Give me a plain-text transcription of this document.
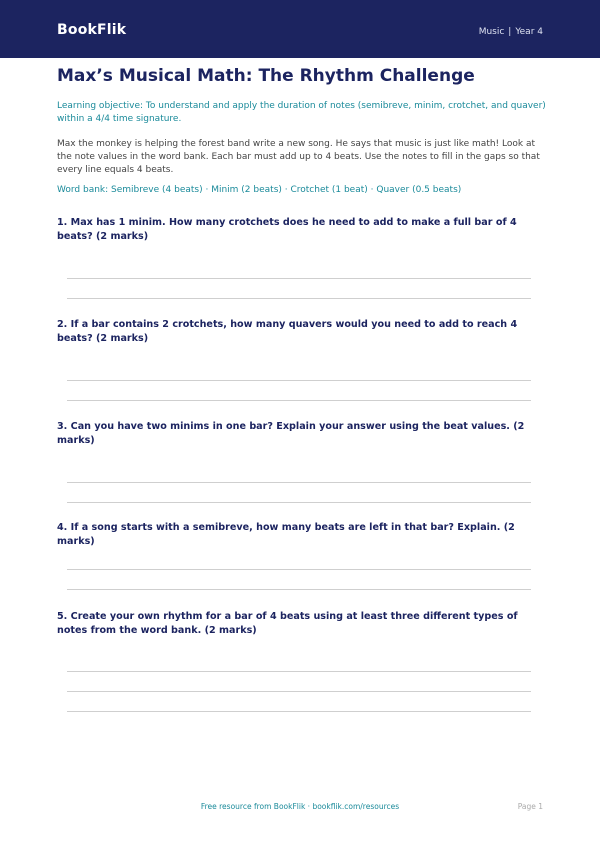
BookFlik	Music | Year 4
Max’s Musical Math: The Rhythm Challenge
Learning objective: To understand and apply the duration of notes (semibreve, minim, crotchet, and quaver) within a 4/4 time signature.
Max the monkey is helping the forest band write a new song. He says that music is just like math! Look at the note values in the word bank. Each bar must add up to 4 beats. Use the notes to fill in the gaps so that every line equals 4 beats.
Word bank: Semibreve (4 beats) · Minim (2 beats) · Crotchet (1 beat) · Quaver (0.5 beats)
1. Max has 1 minim. How many crotchets does he need to add to make a full bar of 4 beats? (2 marks)
2. If a bar contains 2 crotchets, how many quavers would you need to add to reach 4 beats? (2 marks)
3. Can you have two minims in one bar? Explain your answer using the beat values. (2 marks)
4. If a song starts with a semibreve, how many beats are left in that bar? Explain. (2 marks)
5. Create your own rhythm for a bar of 4 beats using at least three different types of notes from the word bank. (2 marks)
Free resource from BookFlik · bookflik.com/resources	Page 1
